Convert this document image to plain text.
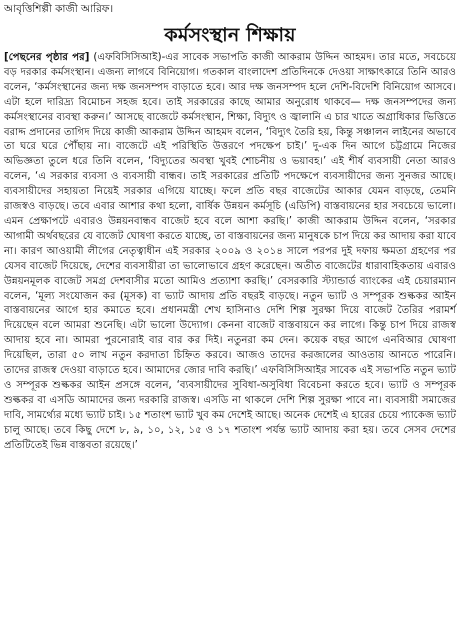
আবৃত্তিশিল্পী কাজী আরিফ।

কর্মসংস্থান শিক্ষায়

[পেছনের পৃষ্ঠার পর] (এফবিসিসিআই)-এর সাবেক সভাপতি কাজী আকরাম উদ্দিন আহমদ। তার মতে, সবচেয়ে বড় দরকার কর্মসংস্থান। এজন্য লাগবে বিনিয়োগ। গতকাল বাংলাদেশ প্রতিদিনকে দেওয়া সাক্ষাৎকারে তিনি আরও বলেন, ‘কর্মসংস্থানের জন্য দক্ষ জনসম্পদ বাড়াতে হবে। আর দক্ষ জনসম্পদ হলে দেশি-বিদেশি বিনিয়োগ আসবে। এটা হলে দারিদ্র্য বিমোচন সহজ হবে। তাই সরকারের কাছে আমার অনুরোধ থাকবে— দক্ষ জনসম্পদের জন্য কর্মসংস্থানের ব্যবস্থা করুন।’ আসছে বাজেটে কর্মসংস্থান, শিক্ষা, বিদ্যুৎ ও জ্বালানি এ চার খাতে অগ্রাধিকার ভিত্তিতে বরাদ্দ প্রদানের তাগিদ দিয়ে কাজী আকরাম উদ্দিন আহমদ বলেন, ‘বিদ্যুৎ তৈরি হয়, কিন্তু সঞ্চালন লাইনের অভাবে তা ঘরে ঘরে পৌঁছায় না। বাজেটে এই পরিস্থিতি উত্তরণে পদক্ষেপ চাই।’ দু-এক দিন আগে চট্টগ্রামে নিজের অভিজ্ঞতা তুলে ধরে তিনি বলেন, ‘বিদ্যুতের অবস্থা খুবই শোচনীয় ও ভয়াবহ।’ এই শীর্ষ ব্যবসায়ী নেতা আরও বলেন, ‘এ সরকার ব্যবসা ও ব্যবসায়ী বান্ধব। তাই সরকারের প্রতিটি পদক্ষেপে ব্যবসায়ীদের জন্য সুনজর আছে। ব্যবসায়ীদের সহায়তা নিয়েই সরকার এগিয়ে যাচ্ছে। ফলে প্রতি বছর বাজেটের আকার যেমন বাড়ছে, তেমনি রাজস্বও বাড়ছে। তবে এবার আশার কথা হলো, বার্ষিক উন্নয়ন কর্মসূচি (এডিপি) বাস্তবায়নের হার সবচেয়ে ভালো। এমন প্রেক্ষাপটে এবারও উন্নয়নবান্ধব বাজেট হবে বলে আশা করছি।’ কাজী আকরাম উদ্দিন বলেন, ‘সরকার আগামী অর্থবছরের যে বাজেট ঘোষণা করতে যাচ্ছে, তা বাস্তবায়নের জন্য মানুষকে চাপ দিয়ে কর আদায় করা যাবে না। কারণ আওয়ামী লীগের নেতৃত্বাধীন এই সরকার ২০০৯ ও ২০১৪ সালে পরপর দুই দফায় ক্ষমতা গ্রহণের পর যেসব বাজেট দিয়েছে, দেশের ব্যবসায়ীরা তা ভালোভাবে গ্রহণ করেছেন। অতীত বাজেটের ধারাবাহিকতায় এবারও উন্নয়নমূলক বাজেট সমগ্র দেশবাসীর মতো আমিও প্রত্যাশা করছি।’ বেসরকারি স্ট্যান্ডার্ড ব্যাংকের এই চেয়ারম্যান বলেন, ‘মূল্য সংযোজন কর (মূসক) বা ভ্যাট আদায় প্রতি বছরই বাড়ছে। নতুন ভ্যাট ও সম্পূরক শুল্ককর আইন বাস্তবায়নের আগে হার কমাতে হবে। প্রধানমন্ত্রী শেখ হাসিনাও দেশি শিল্প সুরক্ষা দিয়ে বাজেট তৈরির পরামর্শ দিয়েছেন বলে আমরা শুনেছি। এটা ভালো উদ্যোগ। কেননা বাজেট বাস্তবায়নে কর লাগে। কিন্তু চাপ দিয়ে রাজস্ব আদায় হবে না। আমরা পুরনোরাই বার বার কর দিই। নতুনরা কম দেন। কয়েক বছর আগে এনবিআর ঘোষণা দিয়েছিল, তারা ৫০ লাখ নতুন করদাতা চিহ্নিত করবে। আজও তাদের করজালের আওতায় আনতে পারেনি। তাদের রাজস্ব দেওয়া বাড়াতে হবে। আমাদের জোর দাবি করছি।’ এফবিসিসিআইর সাবেক এই সভাপতি নতুন ভ্যাট ও সম্পূরক শুল্ককর আইন প্রসঙ্গে বলেন, ‘ব্যবসায়ীদের সুবিধা-অসুবিধা বিবেচনা করতে হবে। ভ্যাট ও সম্পূরক শুল্ককর বা এসডি আমাদের জন্য দরকারি রাজস্ব। এসডি না থাকলে দেশি শিল্প সুরক্ষা পাবে না। ব্যবসায়ী সমাজের দাবি, সামর্থ্যের মধ্যে ভ্যাট চাই। ১৫ শতাংশ ভ্যাট খুব কম দেশেই আছে। অনেক দেশেই এ হারের চেয়ে প্যাকেজ ভ্যাট চালু আছে। তবে কিছু দেশে ৮, ৯, ১০, ১২, ১৫ ও ১৭ শতাংশ পর্যন্ত ভ্যাট আদায় করা হয়। তবে সেসব দেশের প্রতিটিতেই ভিন্ন বাস্তবতা রয়েছে।’
